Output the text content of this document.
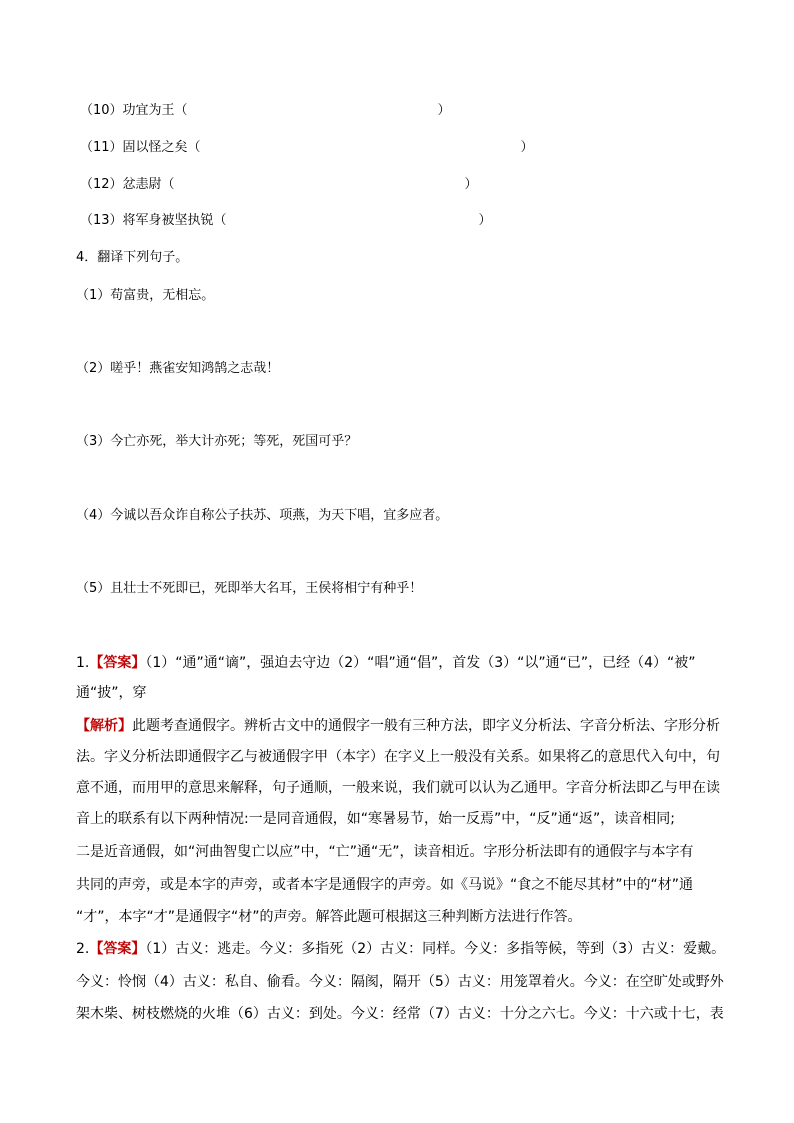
（10）功宜为王（	）
（11）固以怪之矣（	）
（12）忿恚尉（	）
（13）将军身被坚执锐（	）
4．翻译下列句子。
（1）苟富贵，无相忘。
（2）嗟乎！燕雀安知鸿鹄之志哉！
（3）今亡亦死，举大计亦死；等死，死国可乎？
（4）今诚以吾众诈自称公子扶苏、项燕，为天下唱，宜多应者。
（5）且壮士不死即已，死即举大名耳，王侯将相宁有种乎！
1.【答案】（1）“通”通“谪”，强迫去守边（2）“唱”通“倡”，首发（3）“以”通“已”，已经（4）“被”
通“披”，穿
【解析】此题考查通假字。辨析古文中的通假字一般有三种方法，即字义分析法、字音分析法、字形分析
法。字义分析法即通假字乙与被通假字甲（本字）在字义上一般没有关系。如果将乙的意思代入句中，句
意不通，而用甲的意思来解释，句子通顺，一般来说，我们就可以认为乙通甲。字音分析法即乙与甲在读
音上的联系有以下两种情况:一是同音通假，如“寒暑易节，始一反焉”中，“反”通“返”，读音相同;
二是近音通假，如“河曲智叟亡以应”中，“亡”通“无”，读音相近。字形分析法即有的通假字与本字有
共同的声旁，或是本字的声旁，或者本字是通假字的声旁。如《马说》“食之不能尽其材”中的“材”通
“才”，本字“才”是通假字“材”的声旁。解答此题可根据这三种判断方法进行作答。
2.【答案】（1）古义：逃走。今义：多指死（2）古义：同样。今义：多指等候，等到（3）古义：爱戴。
今义：怜悯（4）古义：私自、偷看。今义：隔阂，隔开（5）古义：用笼罩着火。今义：在空旷处或野外
架木柴、树枝燃烧的火堆（6）古义：到处。今义：经常（7）古义：十分之六七。今义：十六或十七，表
